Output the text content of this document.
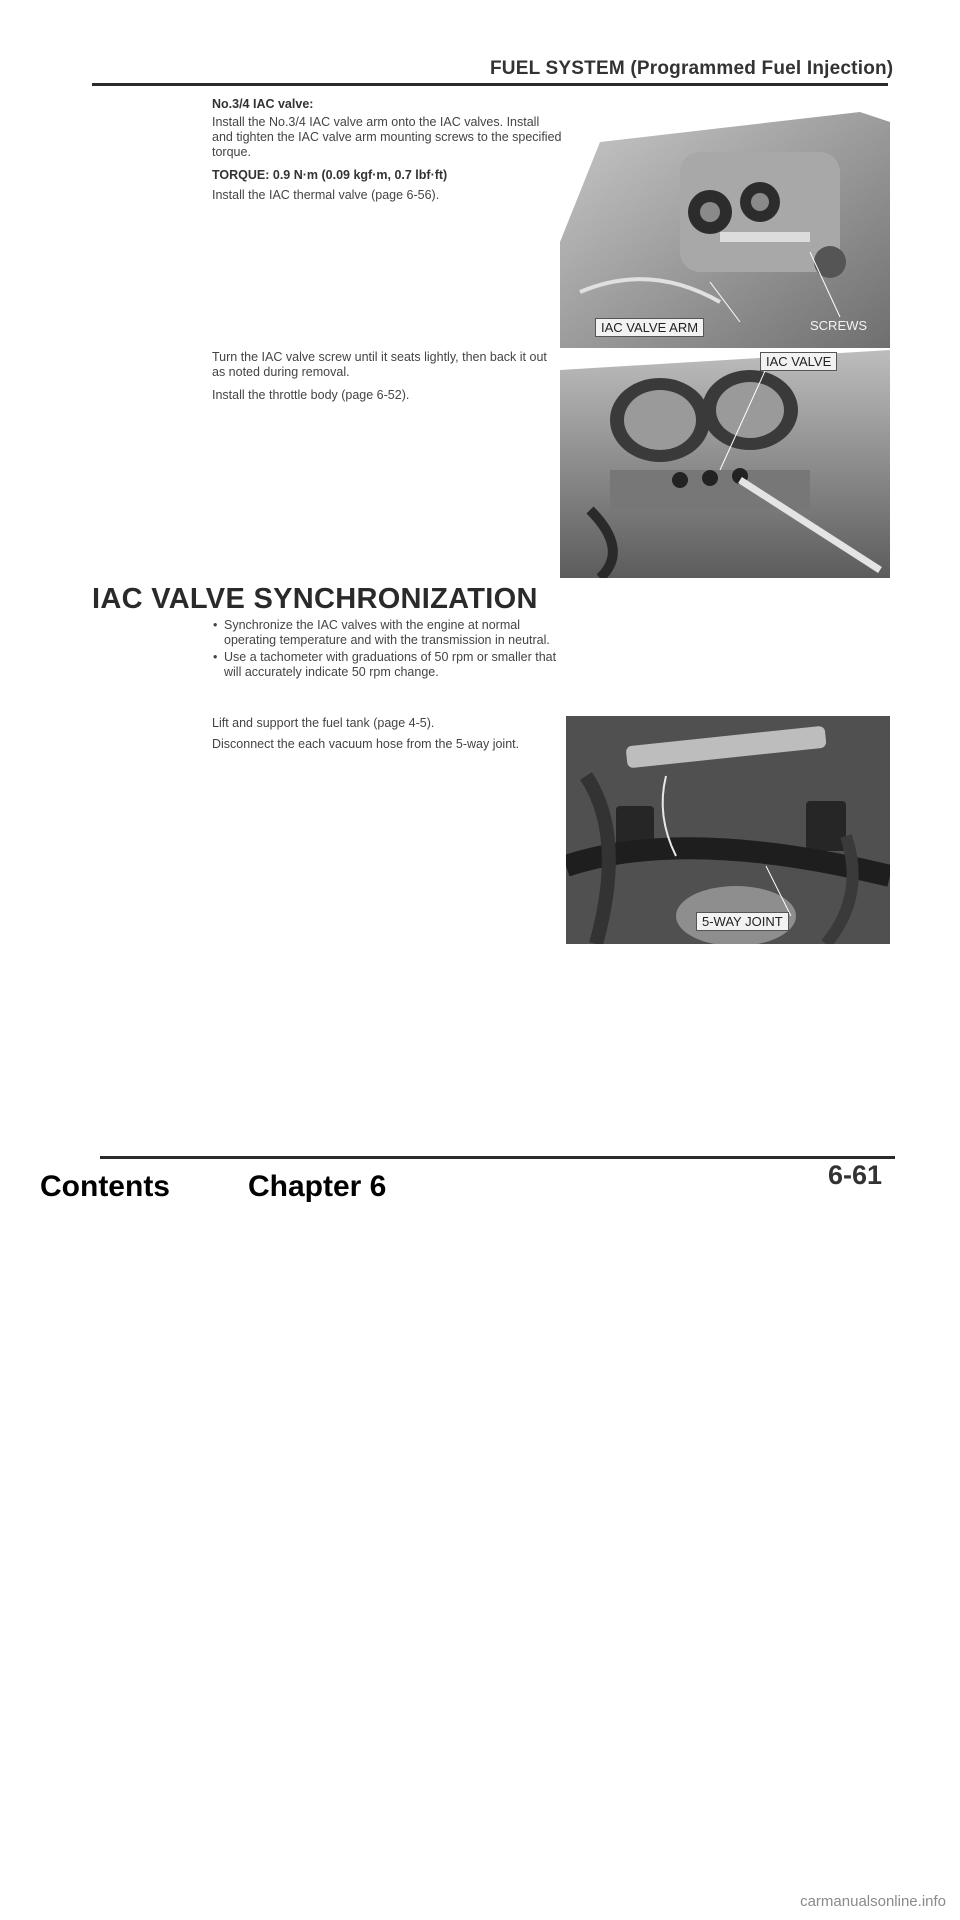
FUEL SYSTEM (Programmed Fuel Injection)
No.3/4 IAC valve:
Install the No.3/4 IAC valve arm onto the IAC valves. Install and tighten the IAC valve arm mounting screws to the specified torque.
TORQUE: 0.9 N·m (0.09 kgf·m, 0.7 lbf·ft)
Install the IAC thermal valve (page 6-56).
Turn the IAC valve screw until it seats lightly, then back it out as noted during removal.
Install the throttle body (page 6-52).
IAC VALVE ARM	SCREWS
IAC VALVE
IAC VALVE SYNCHRONIZATION
• Synchronize the IAC valves with the engine at normal operating temperature and with the transmission in neutral.
• Use a tachometer with graduations of 50 rpm or smaller that will accurately indicate 50 rpm change.
Lift and support the fuel tank (page 4-5).
Disconnect the each vacuum hose from the 5-way joint.
5-WAY JOINT
6-61
Contents	Chapter 6
carmanualsonline.info
